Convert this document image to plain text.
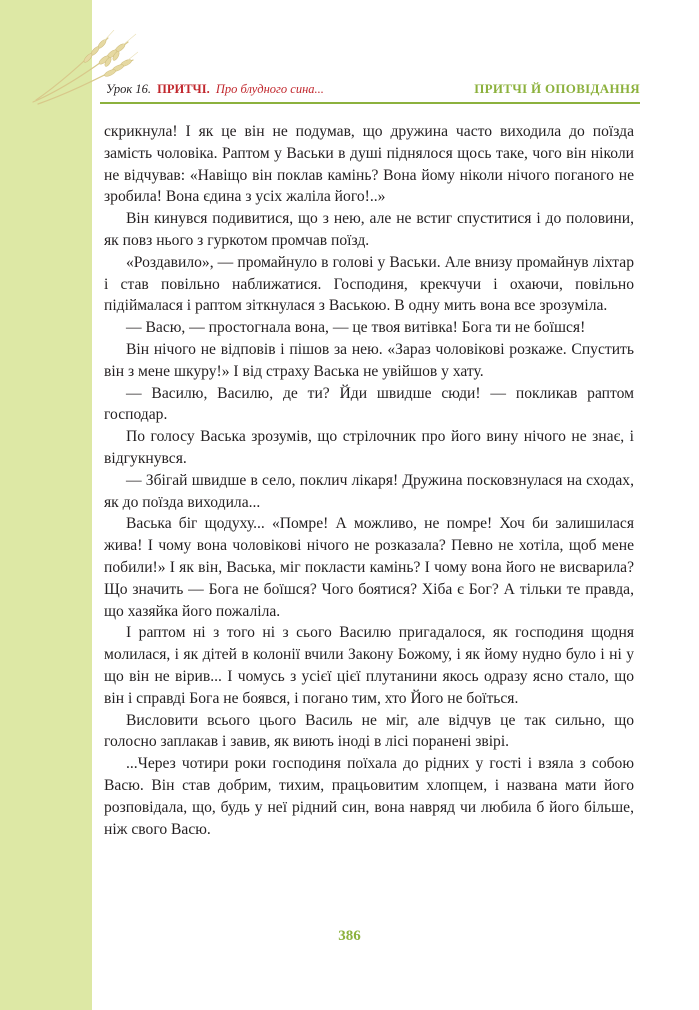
Урок 16. ПРИТЧІ. Про блудного сина...	ПРИТЧІ Й ОПОВІДАННЯ

скрикнула! І як це він не подумав, що дружина часто виходила до поїзда замість чоловіка. Раптом у Васьки в душі піднялося щось таке, чого він ніколи не відчував: «Навіщо він поклав камінь? Вона йому ніколи нічого поганого не зробила! Вона єдина з усіх жаліла його!..»

Він кинувся подивитися, що з нею, але не встиг спуститися і до половини, як повз нього з гуркотом промчав поїзд.

«Роздавило», — промайнуло в голові у Васьки. Але внизу промайнув ліхтар і став повільно наближатися. Господиня, крекчучи і охаючи, повільно підіймалася і раптом зіткнулася з Ваською. В одну мить вона все зрозуміла.

— Васю, — простогнала вона, — це твоя витівка! Бога ти не боїшся!

Він нічого не відповів і пішов за нею. «Зараз чоловікові розкаже. Спустить він з мене шкуру!» І від страху Васька не увійшов у хату.

— Василю, Василю, де ти? Йди швидше сюди! — покликав раптом господар.

По голосу Васька зрозумів, що стрілочник про його вину нічого не знає, і відгукнувся.

— Збігай швидше в село, поклич лікаря! Дружина посковзнулася на сходах, як до поїзда виходила...

Васька біг щодуху... «Помре! А можливо, не помре! Хоч би залишилася жива! І чому вона чоловікові нічого не розказала? Певно не хотіла, щоб мене побили!» І як він, Васька, міг покласти камінь? І чому вона його не висварила? Що значить — Бога не боїшся? Чого боятися? Хіба є Бог? А тільки те правда, що хазяйка його пожаліла.

І раптом ні з того ні з сього Василю пригадалося, як господиня щодня молилася, і як дітей в колонії вчили Закону Божому, і як йому нудно було і ні у що він не вірив... І чомусь з усієї цієї плутанини якось одразу ясно стало, що він і справді Бога не боявся, і погано тим, хто Його не боїться.

Висловити всього цього Василь не міг, але відчув це так сильно, що голосно заплакав і завив, як виють іноді в лісі поранені звірі.

...Через чотири роки господиня поїхала до рідних у гості і взяла з собою Васю. Він став добрим, тихим, працьовитим хлопцем, і названа мати його розповідала, що, будь у неї рідний син, вона навряд чи любила б його більше, ніж свого Васю.

386
